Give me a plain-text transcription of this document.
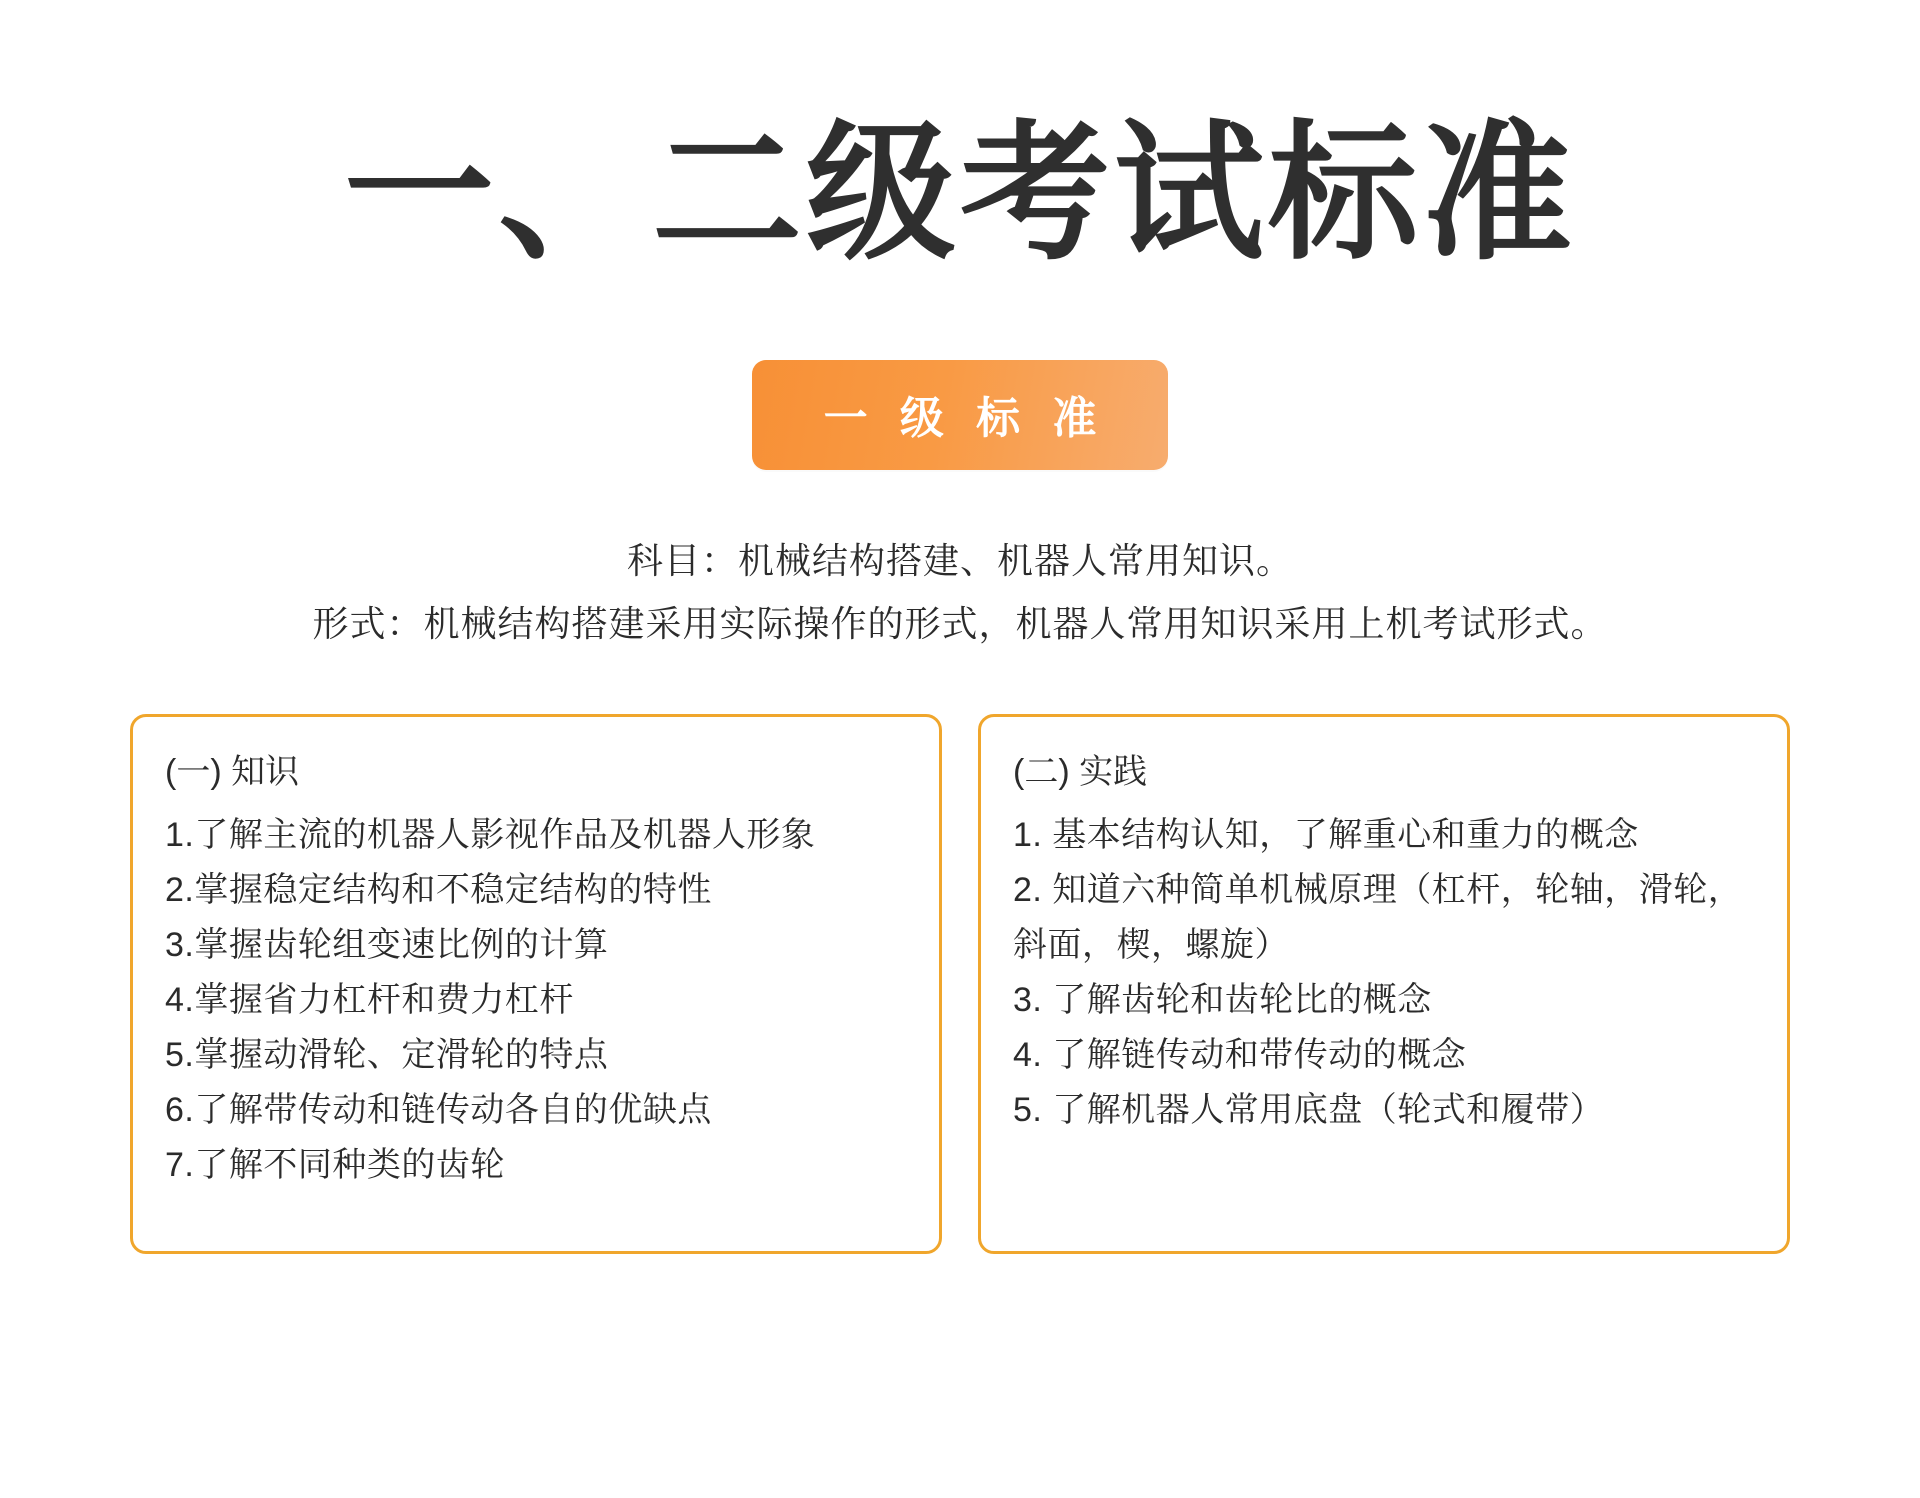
一、二级考试标准
一 级 标 准
科目：机械结构搭建、机器人常用知识。
形式：机械结构搭建采用实际操作的形式，机器人常用知识采用上机考试形式。
(一) 知识
1.了解主流的机器人影视作品及机器人形象
2.掌握稳定结构和不稳定结构的特性
3.掌握齿轮组变速比例的计算
4.掌握省力杠杆和费力杠杆
5.掌握动滑轮、定滑轮的特点
6.了解带传动和链传动各自的优缺点
7.了解不同种类的齿轮
(二) 实践
1. 基本结构认知，了解重心和重力的概念
2. 知道六种简单机械原理（杠杆，轮轴，滑轮，斜面，楔，螺旋）
3. 了解齿轮和齿轮比的概念
4. 了解链传动和带传动的概念
5. 了解机器人常用底盘（轮式和履带）
